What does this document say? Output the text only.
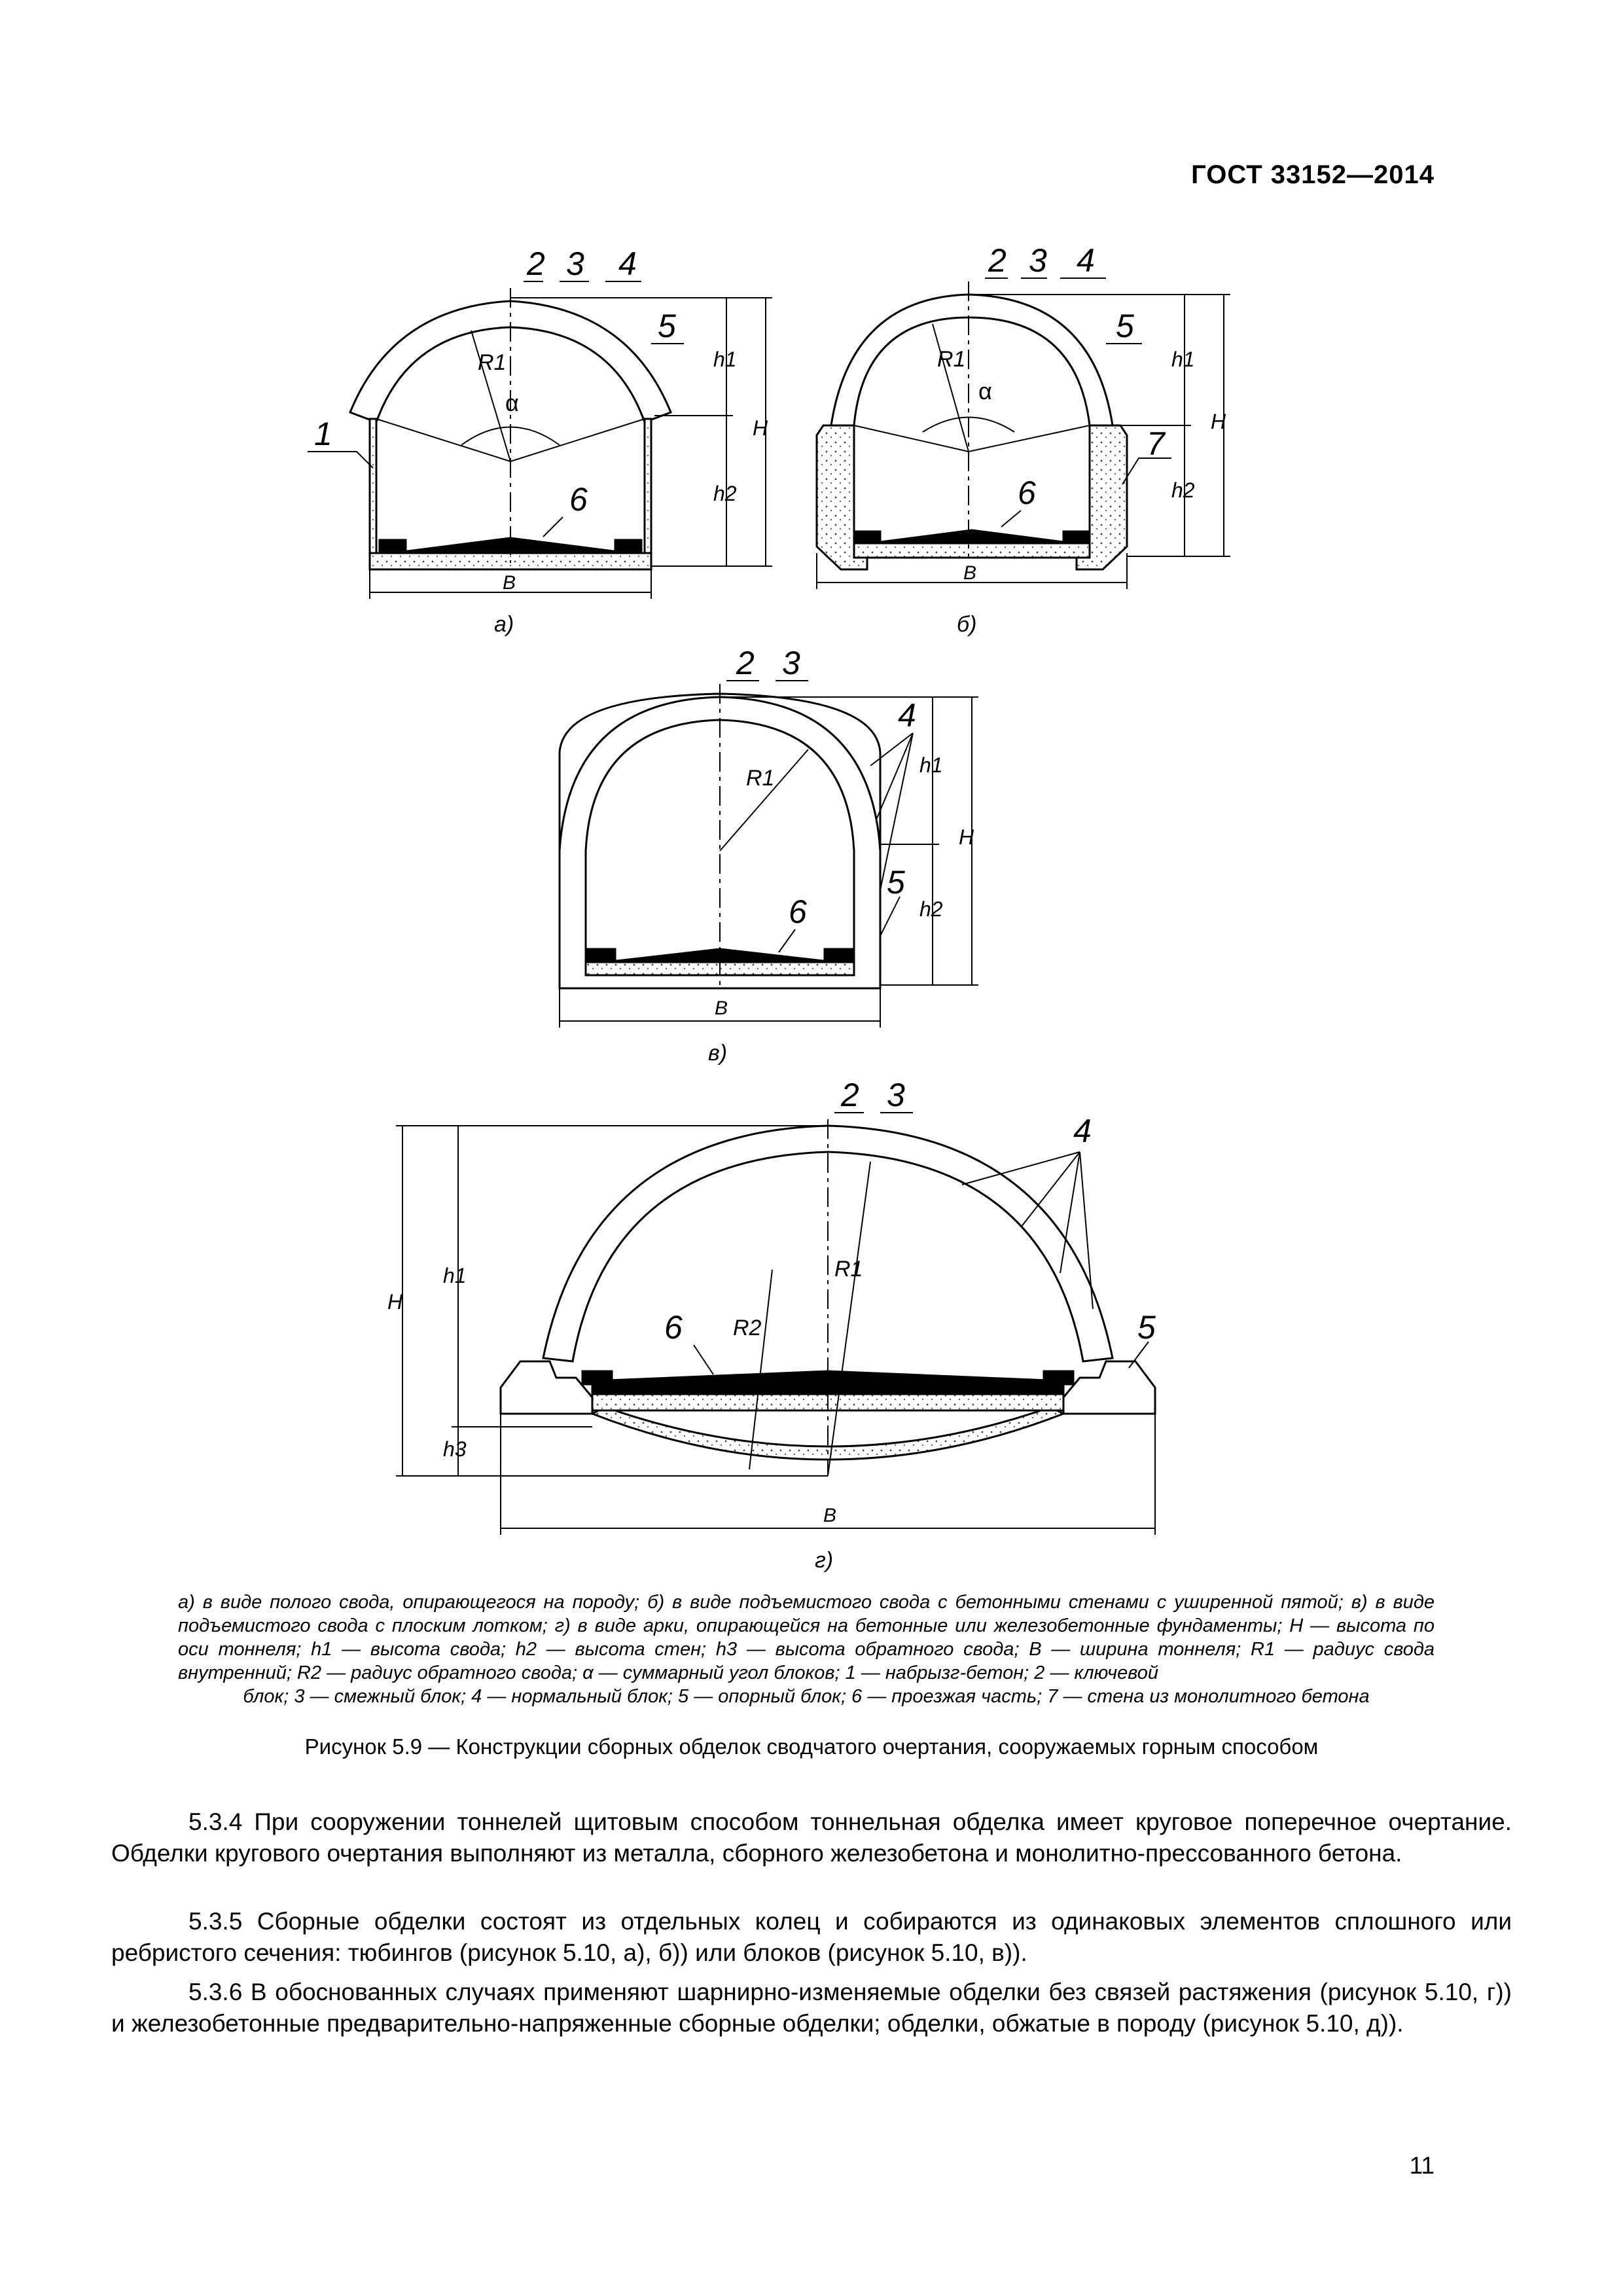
ГОСТ 33152—2014
2 3 4
5
1
6
R1
α
h1
h2
H
B
а)
2 3 4
5
6
7
R1
α
h1
h2
H
B
б)
2 3
4
5
6
R1
h1
h2
H
B
в)
2 3
4
5
6
R1
R2
H
h1
h3
B
г)
а) в виде полого свода, опирающегося на породу; б) в виде подъемистого свода с бетонными стенами с уширенной пятой; в) в виде подъемистого свода с плоским лотком; г) в виде арки, опирающейся на бетонные или железобетонные фундаменты; H — высота по оси тоннеля; h1 — высота свода; h2 — высота стен; h3 — высота обратного свода; B — ширина тоннеля; R1 — радиус свода внутренний; R2 — радиус обратного свода; α — суммарный угол блоков; 1 — набрызг-бетон; 2 — ключевой
блок; 3 — смежный блок; 4 — нормальный блок; 5 — опорный блок; 6 — проезжая часть; 7 — стена из монолитного бетона
Рисунок 5.9 — Конструкции сборных обделок сводчатого очертания, сооружаемых горным способом
5.3.4 При сооружении тоннелей щитовым способом тоннельная обделка имеет круговое поперечное очертание. Обделки кругового очертания выполняют из металла, сборного железобетона и монолитно-прессованного бетона.
5.3.5 Сборные обделки состоят из отдельных колец и собираются из одинаковых элементов сплошного или ребристого сечения: тюбингов (рисунок 5.10, а), б)) или блоков (рисунок 5.10, в)).
5.3.6 В обоснованных случаях применяют шарнирно-изменяемые обделки без связей растяжения (рисунок 5.10, г)) и железобетонные предварительно-напряженные сборные обделки; обделки, обжатые в породу (рисунок 5.10, д)).
11
